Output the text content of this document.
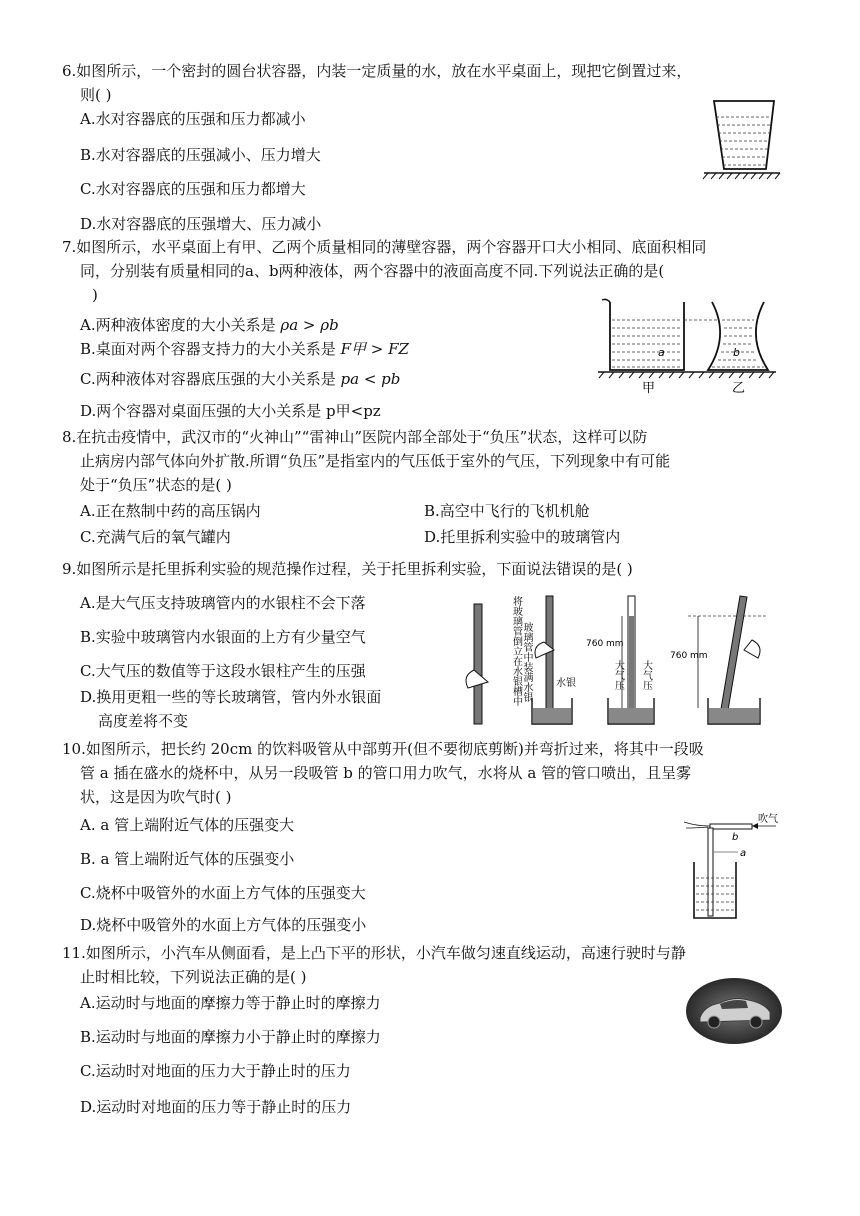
6.如图所示，一个密封的圆台状容器，内装一定质量的水，放在水平桌面上，现把它倒置过来，
则( )
A.水对容器底的压强和压力都减小
B.水对容器底的压强减小、压力增大
C.水对容器底的压强和压力都增大
D.水对容器底的压强增大、压力减小
7.如图所示，水平桌面上有甲、乙两个质量相同的薄壁容器，两个容器开口大小相同、底面积相同
同，分别装有质量相同的a、b两种液体，两个容器中的液面高度不同.下列说法正确的是(
)
A.两种液体密度的大小关系是 ρa > ρb
B.桌面对两个容器支持力的大小关系是 F甲 > FZ
C.两种液体对容器底压强的大小关系是 pa < pb
D.两个容器对桌面压强的大小关系是 p甲<pz
a	b
甲	乙
8.在抗击疫情中，武汉市的“火神山”“雷神山”医院内部全部处于“负压”状态，这样可以防
止病房内部气体向外扩散.所谓“负压”是指室内的气压低于室外的气压，下列现象中有可能
处于“负压”状态的是( )
A.正在熬制中药的高压锅内	B.高空中飞行的飞机机舱
C.充满气后的氧气罐内	D.托里拆利实验中的玻璃管内
9.如图所示是托里拆利实验的规范操作过程，关于托里拆利实验，下面说法错误的是( )
A.是大气压支持玻璃管内的水银柱不会下落
B.实验中玻璃管内水银面的上方有少量空气
C.大气压的数值等于这段水银柱产生的压强
D.换用更粗一些的等长玻璃管，管内外水银面
高度差将不变
玻璃管中装满水银
将玻璃管倒立在水银槽中	水银
760 mm
大气压 大气压
760 mm
10.如图所示，把长约 20cm 的饮料吸管从中部剪开(但不要彻底剪断)并弯折过来，将其中一段吸
管 a 插在盛水的烧杯中，从另一段吸管 b 的管口用力吹气，水将从 a 管的管口喷出，且呈雾
状，这是因为吹气时( )
A. a 管上端附近气体的压强变大
B. a 管上端附近气体的压强变小
C.烧杯中吸管外的水面上方气体的压强变大
D.烧杯中吸管外的水面上方气体的压强变小
吹气
b
a
11.如图所示，小汽车从侧面看，是上凸下平的形状，小汽车做匀速直线运动，高速行驶时与静
止时相比较，下列说法正确的是( )
A.运动时与地面的摩擦力等于静止时的摩擦力
B.运动时与地面的摩擦力小于静止时的摩擦力
C.运动时对地面的压力大于静止时的压力
D.运动时对地面的压力等于静止时的压力
